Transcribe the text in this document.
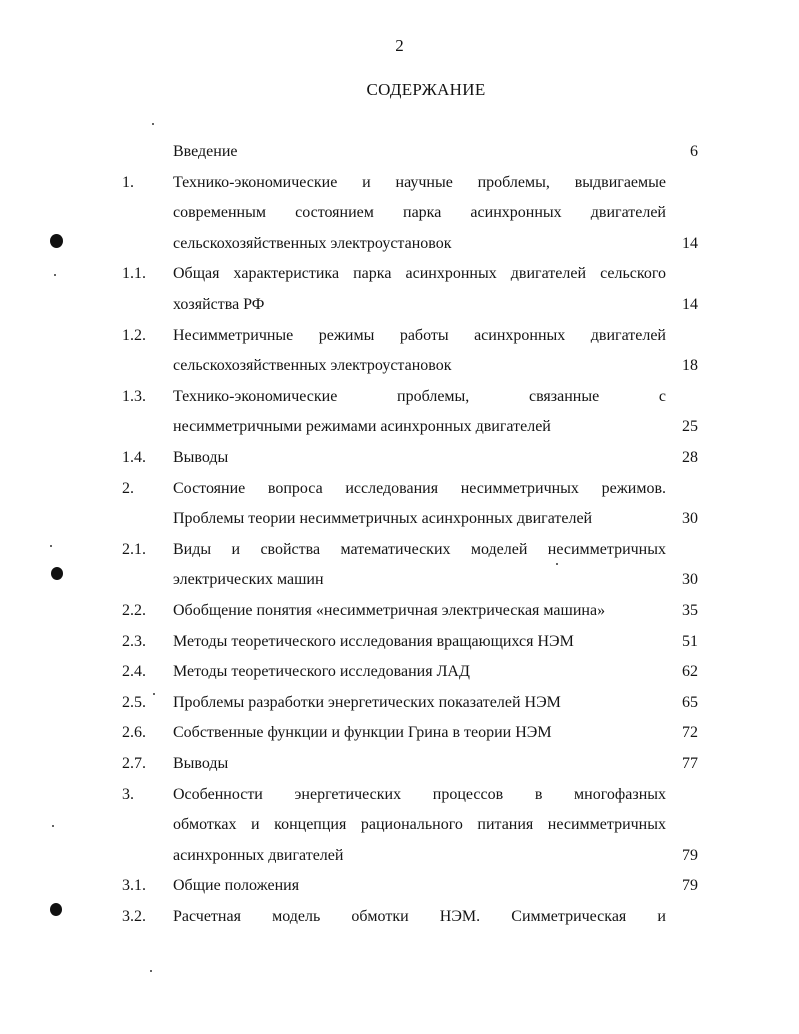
2
СОДЕРЖАНИЕ
Введение	6
1. Технико-экономические и научные проблемы, выдвигаемые
современным состоянием парка асинхронных двигателей
сельскохозяйственных электроустановок	14
1.1. Общая характеристика парка асинхронных двигателей сельского
хозяйства РФ	14
1.2. Несимметричные режимы работы асинхронных двигателей
сельскохозяйственных электроустановок	18
1.3. Технико-экономические проблемы, связанные с
несимметричными режимами асинхронных двигателей	25
1.4. Выводы	28
2. Состояние вопроса исследования несимметричных режимов.
Проблемы теории несимметричных асинхронных двигателей	30
2.1. Виды и свойства математических моделей несимметричных
электрических машин	30
2.2. Обобщение понятия «несимметричная электрическая машина»	35
2.3. Методы теоретического исследования вращающихся НЭМ	51
2.4. Методы теоретического исследования ЛАД	62
2.5. Проблемы разработки энергетических показателей НЭМ	65
2.6. Собственные функции и функции Грина в теории НЭМ	72
2.7. Выводы	77
3. Особенности энергетических процессов в многофазных
обмотках и концепция рационального питания несимметричных
асинхронных двигателей	79
3.1. Общие положения	79
3.2. Расчетная модель обмотки НЭМ. Симметрическая и
